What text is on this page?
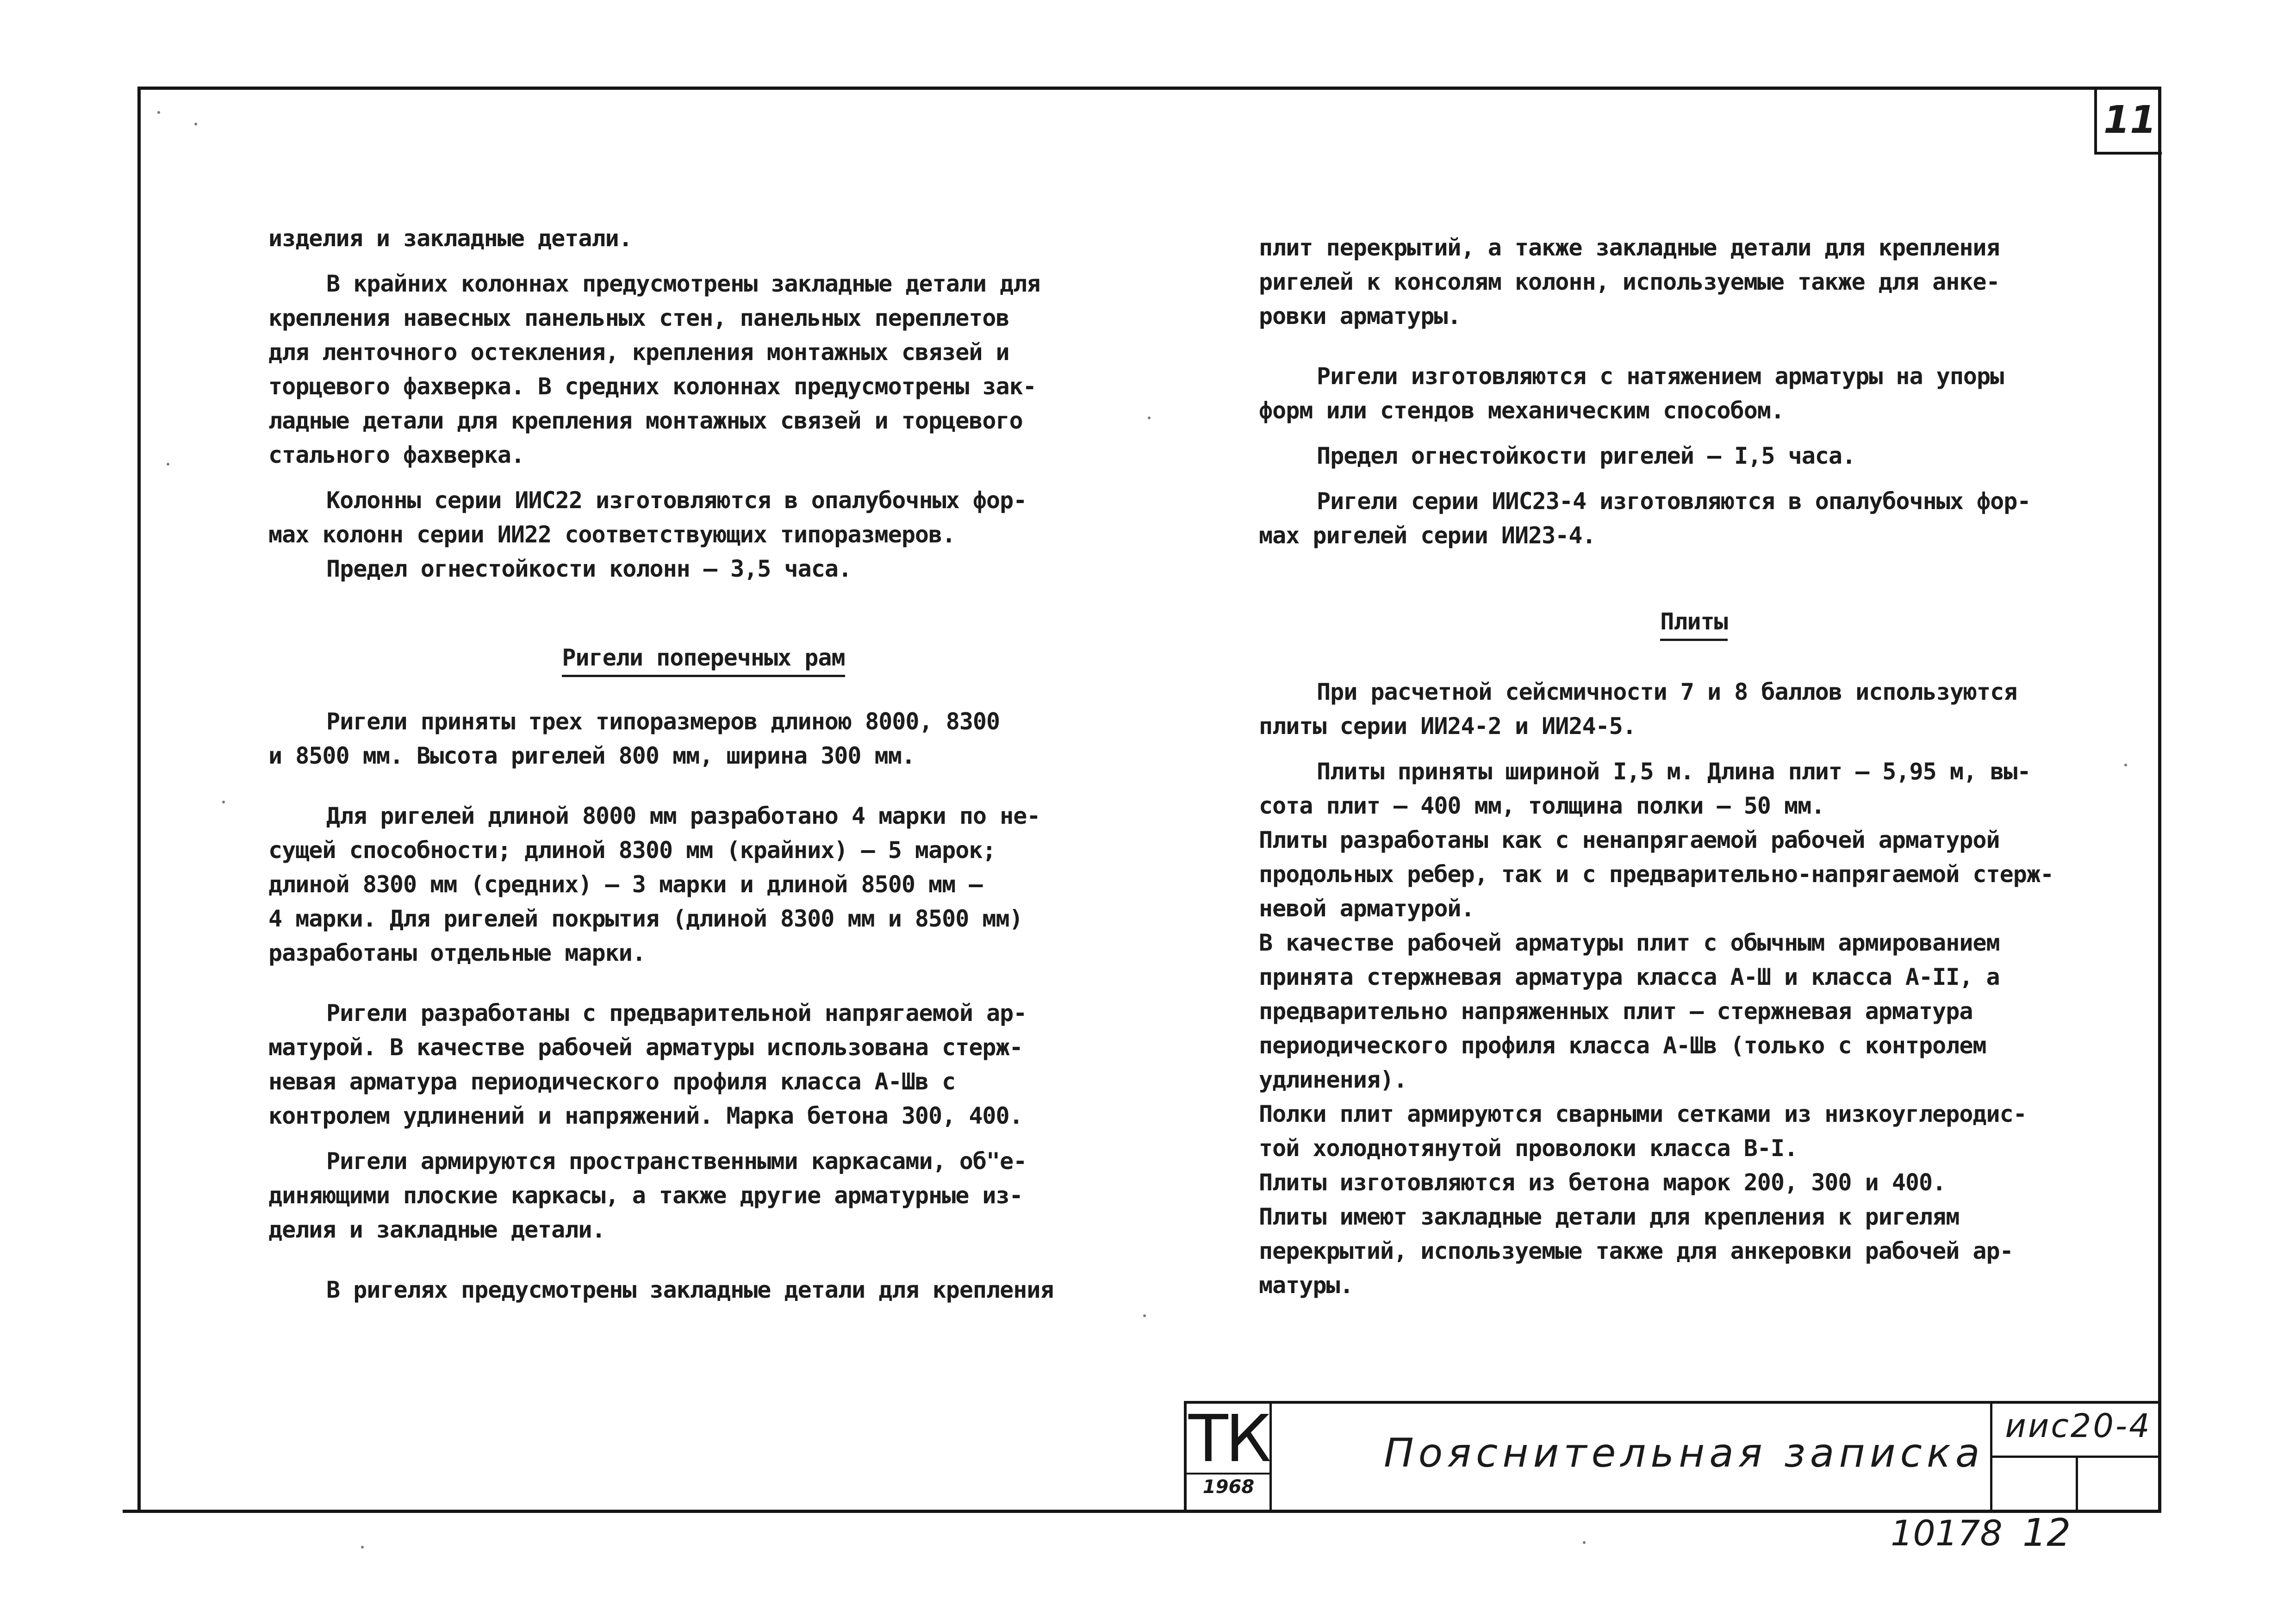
11

изделия и закладные детали.

В крайних колоннах предусмотрены закладные детали для
крепления навесных панельных стен, панельных переплетов
для ленточного остекления, крепления монтажных связей и
торцевого фахверка. В средних колоннах предусмотрены зак-
ладные детали для крепления монтажных связей и торцевого
стального фахверка.

Колонны серии ИИС22 изготовляются в опалубочных фор-
мах колонн серии ИИ22 соответствующих типоразмеров.

Предел огнестойкости колонн – 3,5 часа.

Ригели поперечных рам

Ригели приняты трех типоразмеров длиною 8000, 8300
и 8500 мм. Высота ригелей 800 мм, ширина 300 мм.

Для ригелей длиной 8000 мм разработано 4 марки по не-
сущей способности; длиной 8300 мм (крайних) – 5 марок;
длиной 8300 мм (средних) – 3 марки и длиной 8500 мм –
4 марки. Для ригелей покрытия (длиной 8300 мм и 8500 мм)
разработаны отдельные марки.

Ригели разработаны с предварительной напрягаемой ар-
матурой. В качестве рабочей арматуры использована стерж-
невая арматура периодического профиля класса А-Шв с
контролем удлинений и напряжений. Марка бетона 300, 400.

Ригели армируются пространственными каркасами, об"е-
диняющими плоские каркасы, а также другие арматурные из-
делия и закладные детали.

В ригелях предусмотрены закладные детали для крепления

плит перекрытий, а также закладные детали для крепления
ригелей к консолям колонн, используемые также для анке-
ровки арматуры.

Ригели изготовляются с натяжением арматуры на упоры
форм или стендов механическим способом.

Предел огнестойкости ригелей – I,5 часа.

Ригели серии ИИС23-4 изготовляются в опалубочных фор-
мах ригелей серии ИИ23-4.

Плиты

При расчетной сейсмичности 7 и 8 баллов используются
плиты серии ИИ24-2 и ИИ24-5.

Плиты приняты шириной I,5 м. Длина плит – 5,95 м, вы-
сота плит – 400 мм, толщина полки – 50 мм.
Плиты разработаны как с ненапрягаемой рабочей арматурой
продольных ребер, так и с предварительно-напрягаемой стерж-
невой арматурой.
В качестве рабочей арматуры плит с обычным армированием
принята стержневая арматура класса А-Ш и класса А-II, а
предварительно напряженных плит – стержневая арматура
периодического профиля класса А-Шв (только с контролем
удлинения).
Полки плит армируются сварными сетками из низкоуглеродис-
той холоднотянутой проволоки класса В-I.
Плиты изготовляются из бетона марок 200, 300 и 400.
Плиты имеют закладные детали для крепления к ригелям
перекрытий, используемые также для анкеровки рабочей ар-
матуры.

ТК
1968
Пояснительная записка
иис20-4
10178 12
